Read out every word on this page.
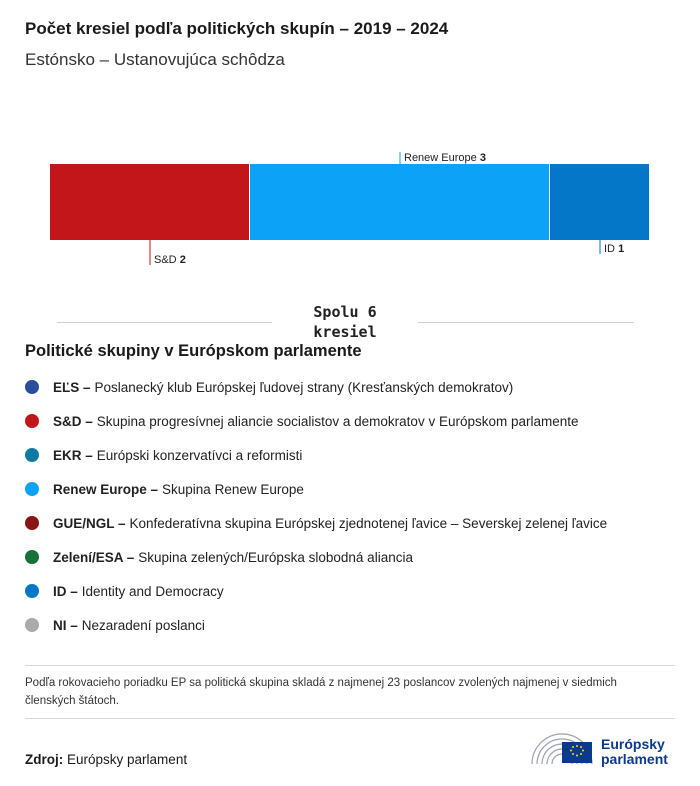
Počet kresiel podľa politických skupín – 2019 – 2024
Estónsko – Ustanovujúca schôdza
S&D 2
Renew Europe 3
ID 1
Spolu 6
kresiel
Politické skupiny v Európskom parlamente
EĽS – Poslanecký klub Európskej ľudovej strany (Kresťanských demokratov)
S&D – Skupina progresívnej aliancie socialistov a demokratov v Európskom parlamente
EKR – Európski konzervatívci a reformisti
Renew Europe – Skupina Renew Europe
GUE/NGL – Konfederatívna skupina Európskej zjednotenej ľavice – Severskej zelenej ľavice
Zelení/ESA – Skupina zelených/Európska slobodná aliancia
ID – Identity and Democracy
NI – Nezaradení poslanci
Podľa rokovacieho poriadku EP sa politická skupina skladá z najmenej 23 poslancov zvolených najmenej v siedmich členských štátoch.
Zdroj: Európsky parlament
Európsky
parlament
